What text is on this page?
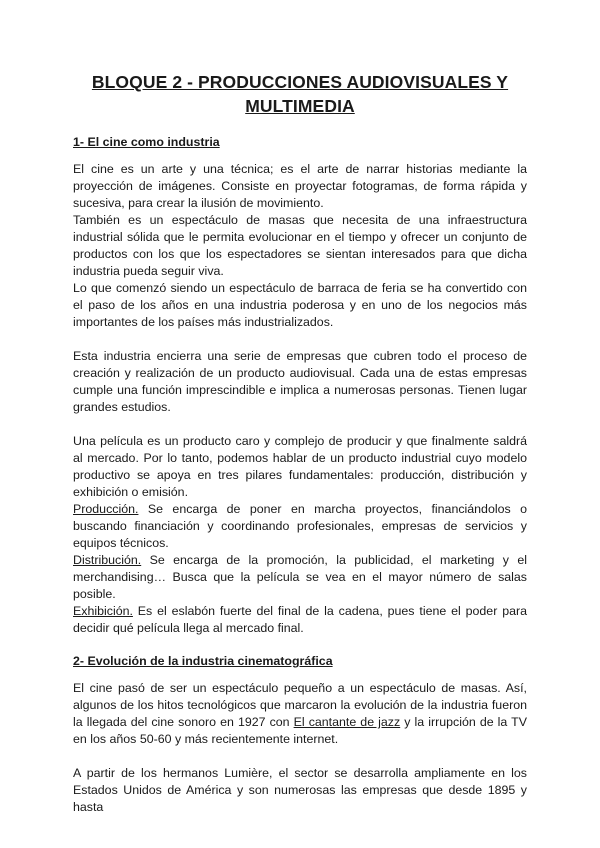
BLOQUE 2 - PRODUCCIONES AUDIOVISUALES Y
MULTIMEDIA
1- El cine como industria

El cine es un arte y una técnica; es el arte de narrar historias mediante la proyección de imágenes. Consiste en proyectar fotogramas, de forma rápida y sucesiva, para crear la ilusión de movimiento.

También es un espectáculo de masas que necesita de una infraestructura industrial sólida que le permita evolucionar en el tiempo y ofrecer un conjunto de productos con los que los espectadores se sientan interesados para que dicha industria pueda seguir viva.

Lo que comenzó siendo un espectáculo de barraca de feria se ha convertido con el paso de los años en una industria poderosa y en uno de los negocios más importantes de los países más industrializados.

Esta industria encierra una serie de empresas que cubren todo el proceso de creación y realización de un producto audiovisual. Cada una de estas empresas cumple una función imprescindible e implica a numerosas personas. Tienen lugar grandes estudios.

Una película es un producto caro y complejo de producir y que finalmente saldrá al mercado. Por lo tanto, podemos hablar de un producto industrial cuyo modelo productivo se apoya en tres pilares fundamentales: producción, distribución y exhibición o emisión.

Producción. Se encarga de poner en marcha proyectos, financiándolos o buscando financiación y coordinando profesionales, empresas de servicios y equipos técnicos.

Distribución. Se encarga de la promoción, la publicidad, el marketing y el merchandising… Busca que la película se vea en el mayor número de salas posible.

Exhibición. Es el eslabón fuerte del final de la cadena, pues tiene el poder para decidir qué película llega al mercado final.

2- Evolución de la industria cinematográfica

El cine pasó de ser un espectáculo pequeño a un espectáculo de masas. Así, algunos de los hitos tecnológicos que marcaron la evolución de la industria fueron la llegada del cine sonoro en 1927 con El cantante de jazz y la irrupción de la TV en los años 50-60 y más recientemente internet.

A partir de los hermanos Lumière, el sector se desarrolla ampliamente en los Estados Unidos de América y son numerosas las empresas que desde 1895 y hasta
